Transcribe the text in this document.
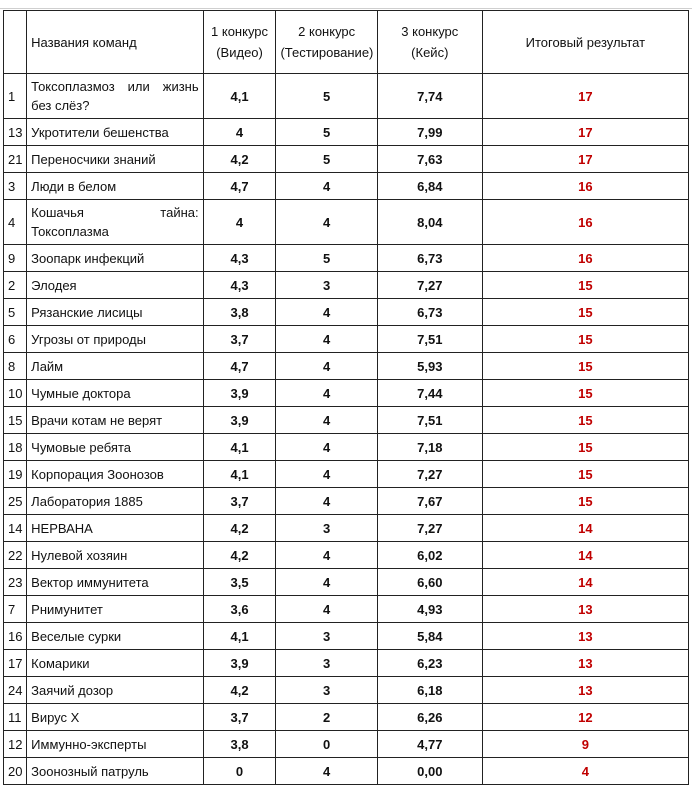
	Названия команд	1 конкурс (Видео)	2 конкурс (Тестирование)	3 конкурс (Кейс)	Итоговый результат
1	Токсоплазмоз или жизнь без слёз?	4,1	5	7,74	17
13	Укротители бешенства	4	5	7,99	17
21	Переносчики знаний	4,2	5	7,63	17
3	Люди в белом	4,7	4	6,84	16
4	Кошачья тайна: Токсоплазма	4	4	8,04	16
9	Зоопарк инфекций	4,3	5	6,73	16
2	Элодея	4,3	3	7,27	15
5	Рязанские лисицы	3,8	4	6,73	15
6	Угрозы от природы	3,7	4	7,51	15
8	Лайм	4,7	4	5,93	15
10	Чумные доктора	3,9	4	7,44	15
15	Врачи котам не верят	3,9	4	7,51	15
18	Чумовые ребята	4,1	4	7,18	15
19	Корпорация Зоонозов	4,1	4	7,27	15
25	Лаборатория 1885	3,7	4	7,67	15
14	НЕРВАНА	4,2	3	7,27	14
22	Нулевой хозяин	4,2	4	6,02	14
23	Вектор иммунитета	3,5	4	6,60	14
7	Рнимунитет	3,6	4	4,93	13
16	Веселые сурки	4,1	3	5,84	13
17	Комарики	3,9	3	6,23	13
24	Заячий дозор	4,2	3	6,18	13
11	Вирус Х	3,7	2	6,26	12
12	Иммунно-эксперты	3,8	0	4,77	9
20	Зоонозный патруль	0	4	0,00	4
